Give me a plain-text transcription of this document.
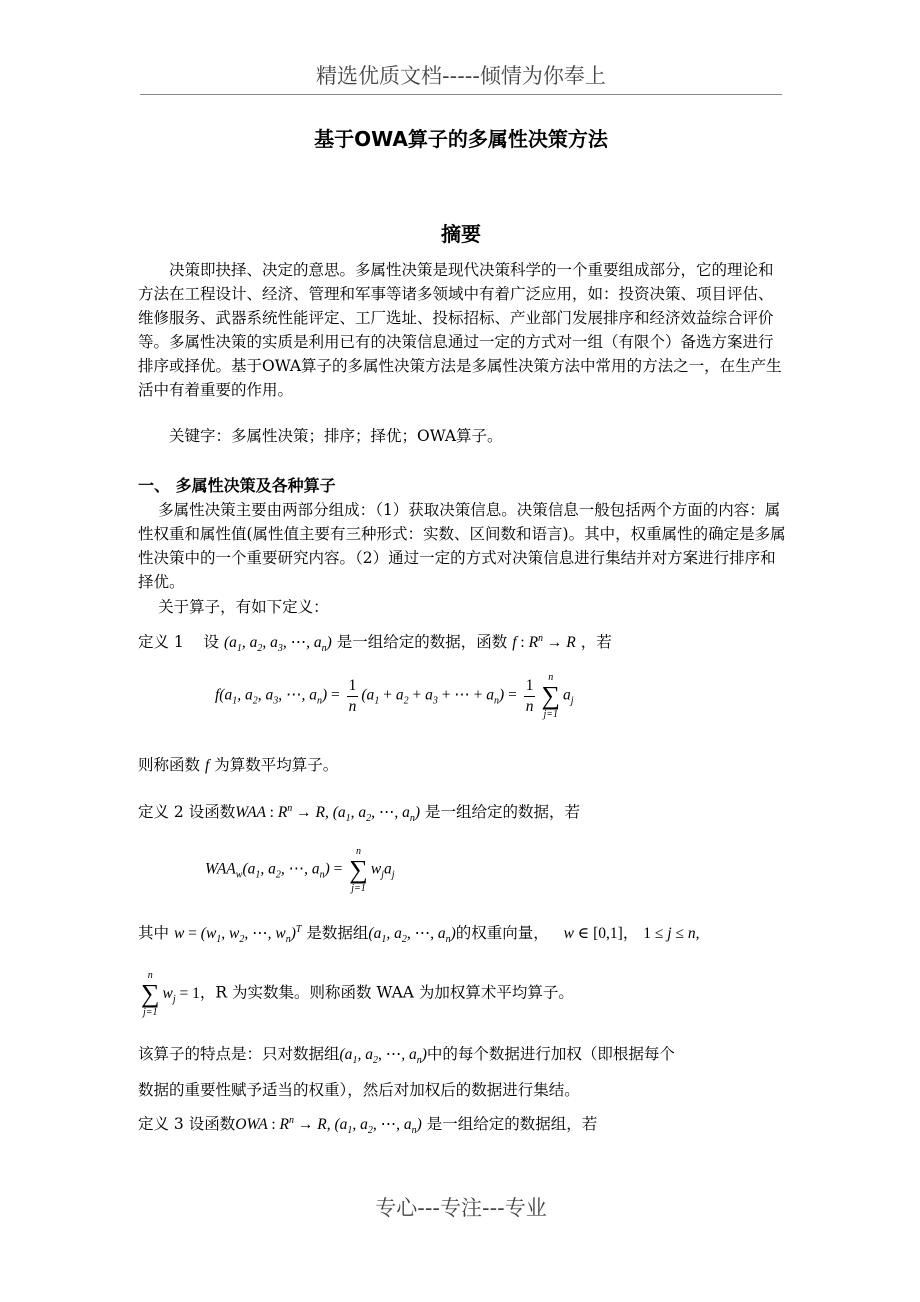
精选优质文档-----倾情为你奉上
基于OWA算子的多属性决策方法
摘要
决策即抉择、决定的意思。多属性决策是现代决策科学的一个重要组成部分，它的理论和方法在工程设计、经济、管理和军事等诸多领域中有着广泛应用，如：投资决策、项目评估、维修服务、武器系统性能评定、工厂选址、投标招标、产业部门发展排序和经济效益综合评价等。多属性决策的实质是利用已有的决策信息通过一定的方式对一组（有限个）备选方案进行排序或择优。基于OWA算子的多属性决策方法是多属性决策方法中常用的方法之一，在生产生活中有着重要的作用。
关键字：多属性决策；排序；择优；OWA算子。
一、 多属性决策及各种算子
多属性决策主要由两部分组成：（1）获取决策信息。决策信息一般包括两个方面的内容：属性权重和属性值(属性值主要有三种形式：实数、区间数和语言)。其中，权重属性的确定是多属性决策中的一个重要研究内容。（2）通过一定的方式对决策信息进行集结并对方案进行排序和择优。
关于算子，有如下定义：
定义 1 设 ($a_1$, $a_2$, $a_3$, ⋯, $a_n$) 是一组给定的数据，函数 f : $R^n \to R$ ，若
$f(a_1$, $a_2$, $a_3$, ⋯, $a_n) = \frac{1}{n} (a_1 + a_2 + a_3$ + ⋯ + $a_n) = \frac{1}{n}$	n
∑
j=1
$a_j$
则称函数 f 为算数平均算子。
定义 2 设函数WAA : $R^n \to R$, ($a_1$, $a_2$, ⋯, $a_n$) 是一组给定的数据，若
$WAA_w(a_1$, $a_2$, ⋯, $a_n$) =
n
∑
j=1
$w_ja_j$
其中 $w = (w_1$, $w_2$, ⋯, $w_n)^T$ 是数据组($a_1$, $a_2$, ⋯, $a_n$)的权重向量， w ∈ [0,1]， 1 ≤ j ≤ n,
n
∑
j=1
$w_j = 1$，R 为实数集。则称函数 WAA 为加权算术平均算子。
该算子的特点是：只对数据组($a_1$, $a_2$, ⋯, $a_n$)中的每个数据进行加权（即根据每个
数据的重要性赋予适当的权重），然后对加权后的数据进行集结。
定义 3 设函数OWA : $R^n \to R$, ($a_1$, $a_2$, ⋯, $a_n$) 是一组给定的数据组，若
专心---专注---专业
